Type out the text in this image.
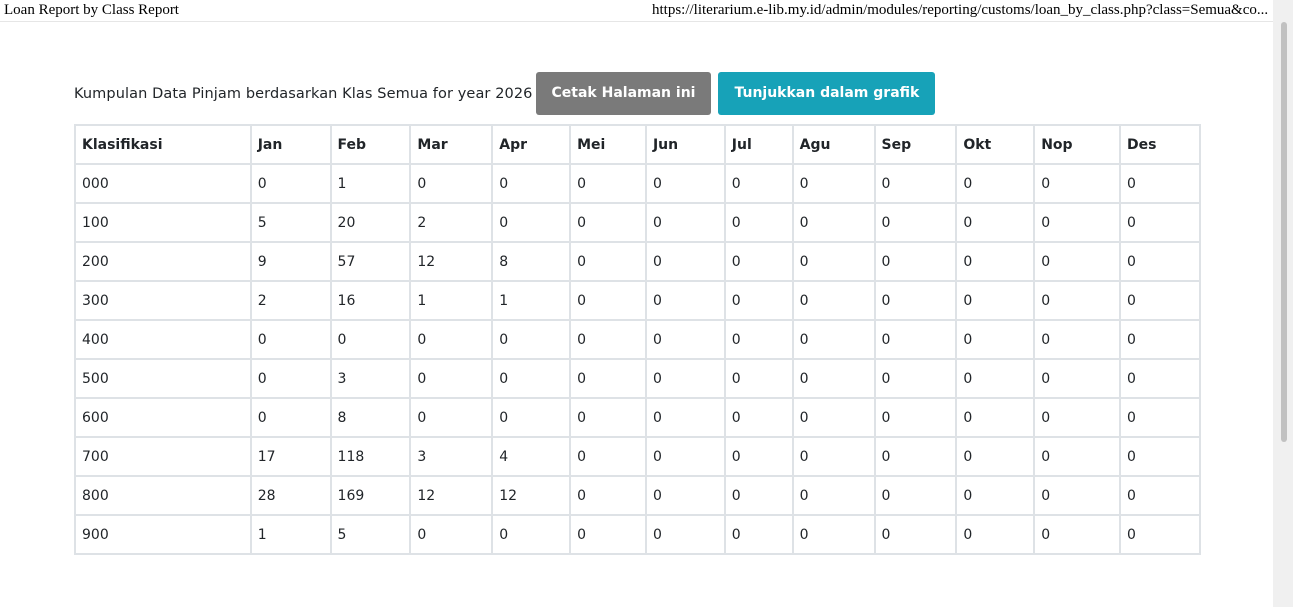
Loan Report by Class Report	https://literarium.e-lib.my.id/admin/modules/reporting/customs/loan_by_class.php?class=Semua&co...
Kumpulan Data Pinjam berdasarkan Klas Semua for year 2026	Cetak Halaman ini	Tunjukkan dalam grafik
Klasifikasi	Jan	Feb	Mar	Apr	Mei	Jun	Jul	Agu	Sep	Okt	Nop	Des
000	0	1	0	0	0	0	0	0	0	0	0	0
100	5	20	2	0	0	0	0	0	0	0	0	0
200	9	57	12	8	0	0	0	0	0	0	0	0
300	2	16	1	1	0	0	0	0	0	0	0	0
400	0	0	0	0	0	0	0	0	0	0	0	0
500	0	3	0	0	0	0	0	0	0	0	0	0
600	0	8	0	0	0	0	0	0	0	0	0	0
700	17	118	3	4	0	0	0	0	0	0	0	0
800	28	169	12	12	0	0	0	0	0	0	0	0
900	1	5	0	0	0	0	0	0	0	0	0	0
